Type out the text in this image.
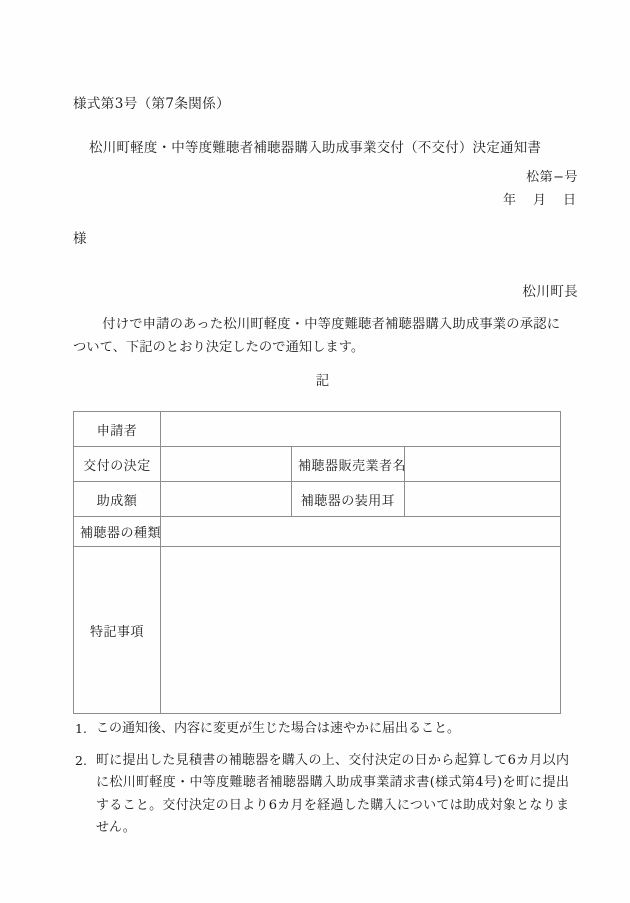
様式第3号（第7条関係）
松川町軽度・中等度難聴者補聴器購入助成事業交付（不交付）決定通知書
松第−号
年　月　日
様
松川町長
付けで申請のあった松川町軽度・中等度難聴者補聴器購入助成事業の承認について、下記のとおり決定したので通知します。
記
申請者			
交付の決定		補聴器販売業者名	
助成額		補聴器の装用耳	
補聴器の種類			
特記事項			
1. この通知後、内容に変更が生じた場合は速やかに届出ること。
2. 町に提出した見積書の補聴器を購入の上、交付決定の日から起算して6カ月以内に松川町軽度・中等度難聴者補聴器購入助成事業請求書(様式第4号)を町に提出すること。交付決定の日より6カ月を経過した購入については助成対象となりません。
